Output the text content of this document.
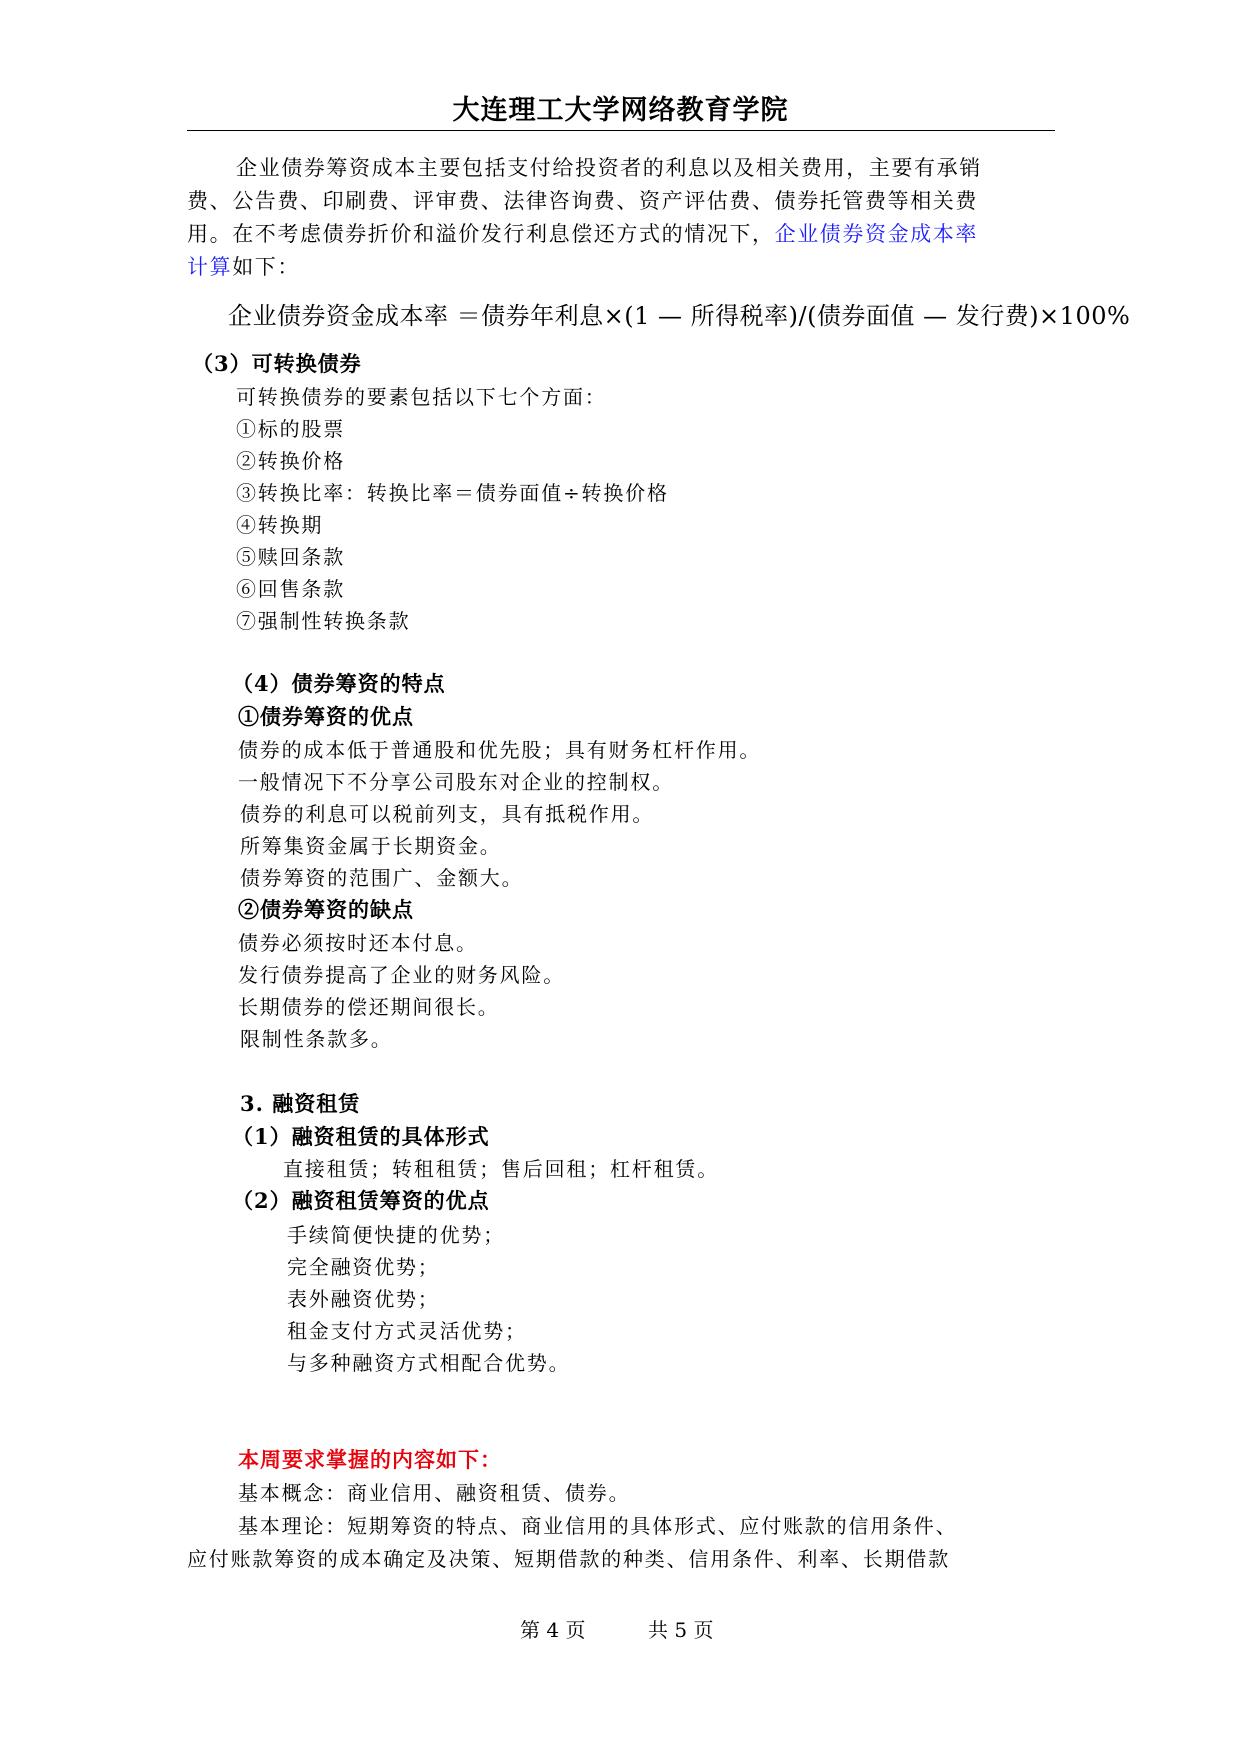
大连理工大学网络教育学院
企业债券筹资成本主要包括支付给投资者的利息以及相关费用，主要有承销
费、公告费、印刷费、评审费、法律咨询费、资产评估费、债券托管费等相关费
用。在不考虑债券折价和溢价发行利息偿还方式的情况下，企业债券资金成本率
计算如下：
企业债券资金成本率 ＝债券年利息×(1 — 所得税率)/(债券面值 — 发行费)×100%
（3）可转换债券
可转换债券的要素包括以下七个方面：
①标的股票
②转换价格
③转换比率：转换比率＝债券面值÷转换价格
④转换期
⑤赎回条款
⑥回售条款
⑦强制性转换条款
（4）债券筹资的特点
①债券筹资的优点
债券的成本低于普通股和优先股；具有财务杠杆作用。
一般情况下不分享公司股东对企业的控制权。
债券的利息可以税前列支，具有抵税作用。
所筹集资金属于长期资金。
债券筹资的范围广、金额大。
②债券筹资的缺点
债券必须按时还本付息。
发行债券提高了企业的财务风险。
长期债券的偿还期间很长。
限制性条款多。
3. 融资租赁
（1）融资租赁的具体形式
直接租赁；转租租赁；售后回租；杠杆租赁。
（2）融资租赁筹资的优点
手续简便快捷的优势；
完全融资优势；
表外融资优势；
租金支付方式灵活优势；
与多种融资方式相配合优势。
本周要求掌握的内容如下：
基本概念：商业信用、融资租赁、债券。
基本理论：短期筹资的特点、商业信用的具体形式、应付账款的信用条件、
应付账款筹资的成本确定及决策、短期借款的种类、信用条件、利率、长期借款
第 4 页	共 5 页
